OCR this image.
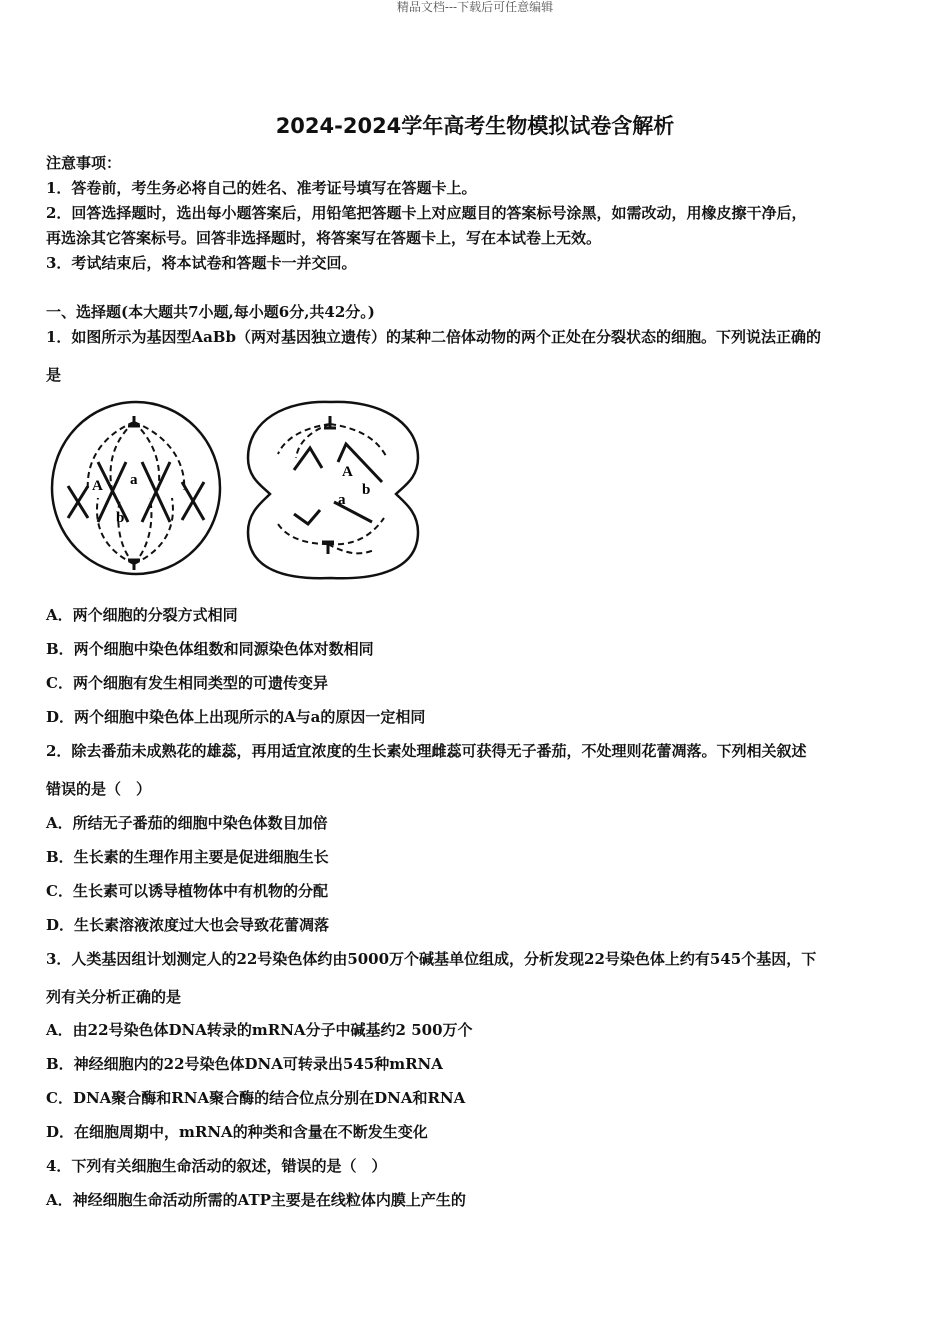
精品文档---下载后可任意编辑
2024-2024学年高考生物模拟试卷含解析
注意事项：
1．答卷前，考生务必将自己的姓名、准考证号填写在答题卡上。
2．回答选择题时，选出每小题答案后，用铅笔把答题卡上对应题目的答案标号涂黑，如需改动，用橡皮擦干净后，
再选涂其它答案标号。回答非选择题时，将答案写在答题卡上，写在本试卷上无效。
3．考试结束后，将本试卷和答题卡一并交回。
一、选择题(本大题共7小题,每小题6分,共42分。)
1．如图所示为基因型AaBb（两对基因独立遗传）的某种二倍体动物的两个正处在分裂状态的细胞。下列说法正确的
是
A a
b
A
a
b
A．两个细胞的分裂方式相同
B．两个细胞中染色体组数和同源染色体对数相同
C．两个细胞有发生相同类型的可遗传变异
D．两个细胞中染色体上出现所示的A与a的原因一定相同
2．除去番茄未成熟花的雄蕊，再用适宜浓度的生长素处理雌蕊可获得无子番茄，不处理则花蕾凋落。下列相关叙述
错误的是（　）
A．所结无子番茄的细胞中染色体数目加倍
B．生长素的生理作用主要是促进细胞生长
C．生长素可以诱导植物体中有机物的分配
D．生长素溶液浓度过大也会导致花蕾凋落
3．人类基因组计划测定人的22号染色体约由5000万个碱基单位组成，分析发现22号染色体上约有545个基因，下
列有关分析正确的是
A．由22号染色体DNA转录的mRNA分子中碱基约2 500万个
B．神经细胞内的22号染色体DNA可转录出545种mRNA
C．DNA聚合酶和RNA聚合酶的结合位点分别在DNA和RNA
D．在细胞周期中，mRNA的种类和含量在不断发生变化
4．下列有关细胞生命活动的叙述，错误的是（　）
A．神经细胞生命活动所需的ATP主要是在线粒体内膜上产生的
